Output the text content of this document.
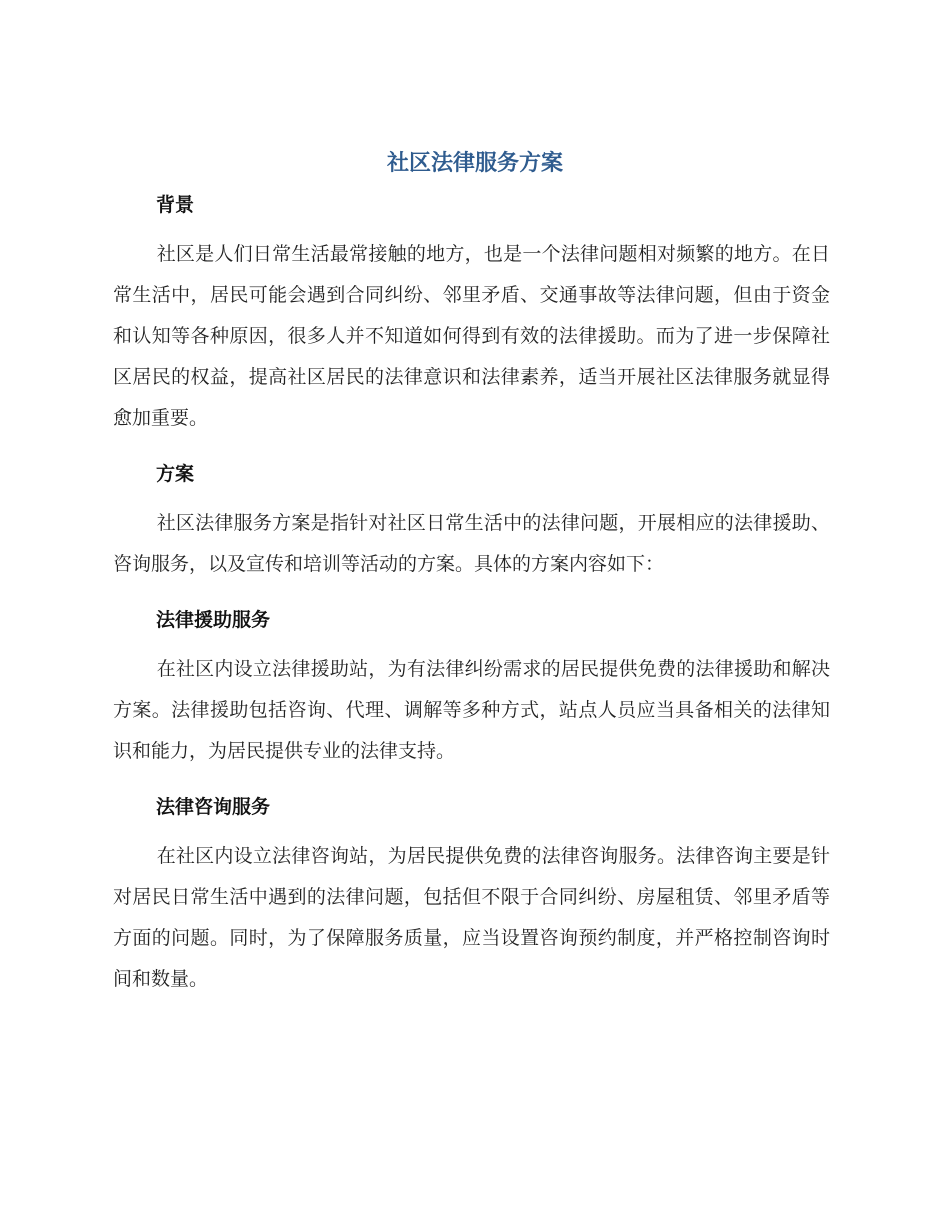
社区法律服务方案
背景

社区是人们日常生活最常接触的地方，也是一个法律问题相对频繁的地方。在日常生活中，居民可能会遇到合同纠纷、邻里矛盾、交通事故等法律问题，但由于资金和认知等各种原因，很多人并不知道如何得到有效的法律援助。而为了进一步保障社区居民的权益，提高社区居民的法律意识和法律素养，适当开展社区法律服务就显得愈加重要。

方案

社区法律服务方案是指针对社区日常生活中的法律问题，开展相应的法律援助、咨询服务，以及宣传和培训等活动的方案。具体的方案内容如下：

法律援助服务

在社区内设立法律援助站，为有法律纠纷需求的居民提供免费的法律援助和解决方案。法律援助包括咨询、代理、调解等多种方式，站点人员应当具备相关的法律知识和能力，为居民提供专业的法律支持。

法律咨询服务

在社区内设立法律咨询站，为居民提供免费的法律咨询服务。法律咨询主要是针对居民日常生活中遇到的法律问题，包括但不限于合同纠纷、房屋租赁、邻里矛盾等方面的问题。同时，为了保障服务质量，应当设置咨询预约制度，并严格控制咨询时间和数量。
